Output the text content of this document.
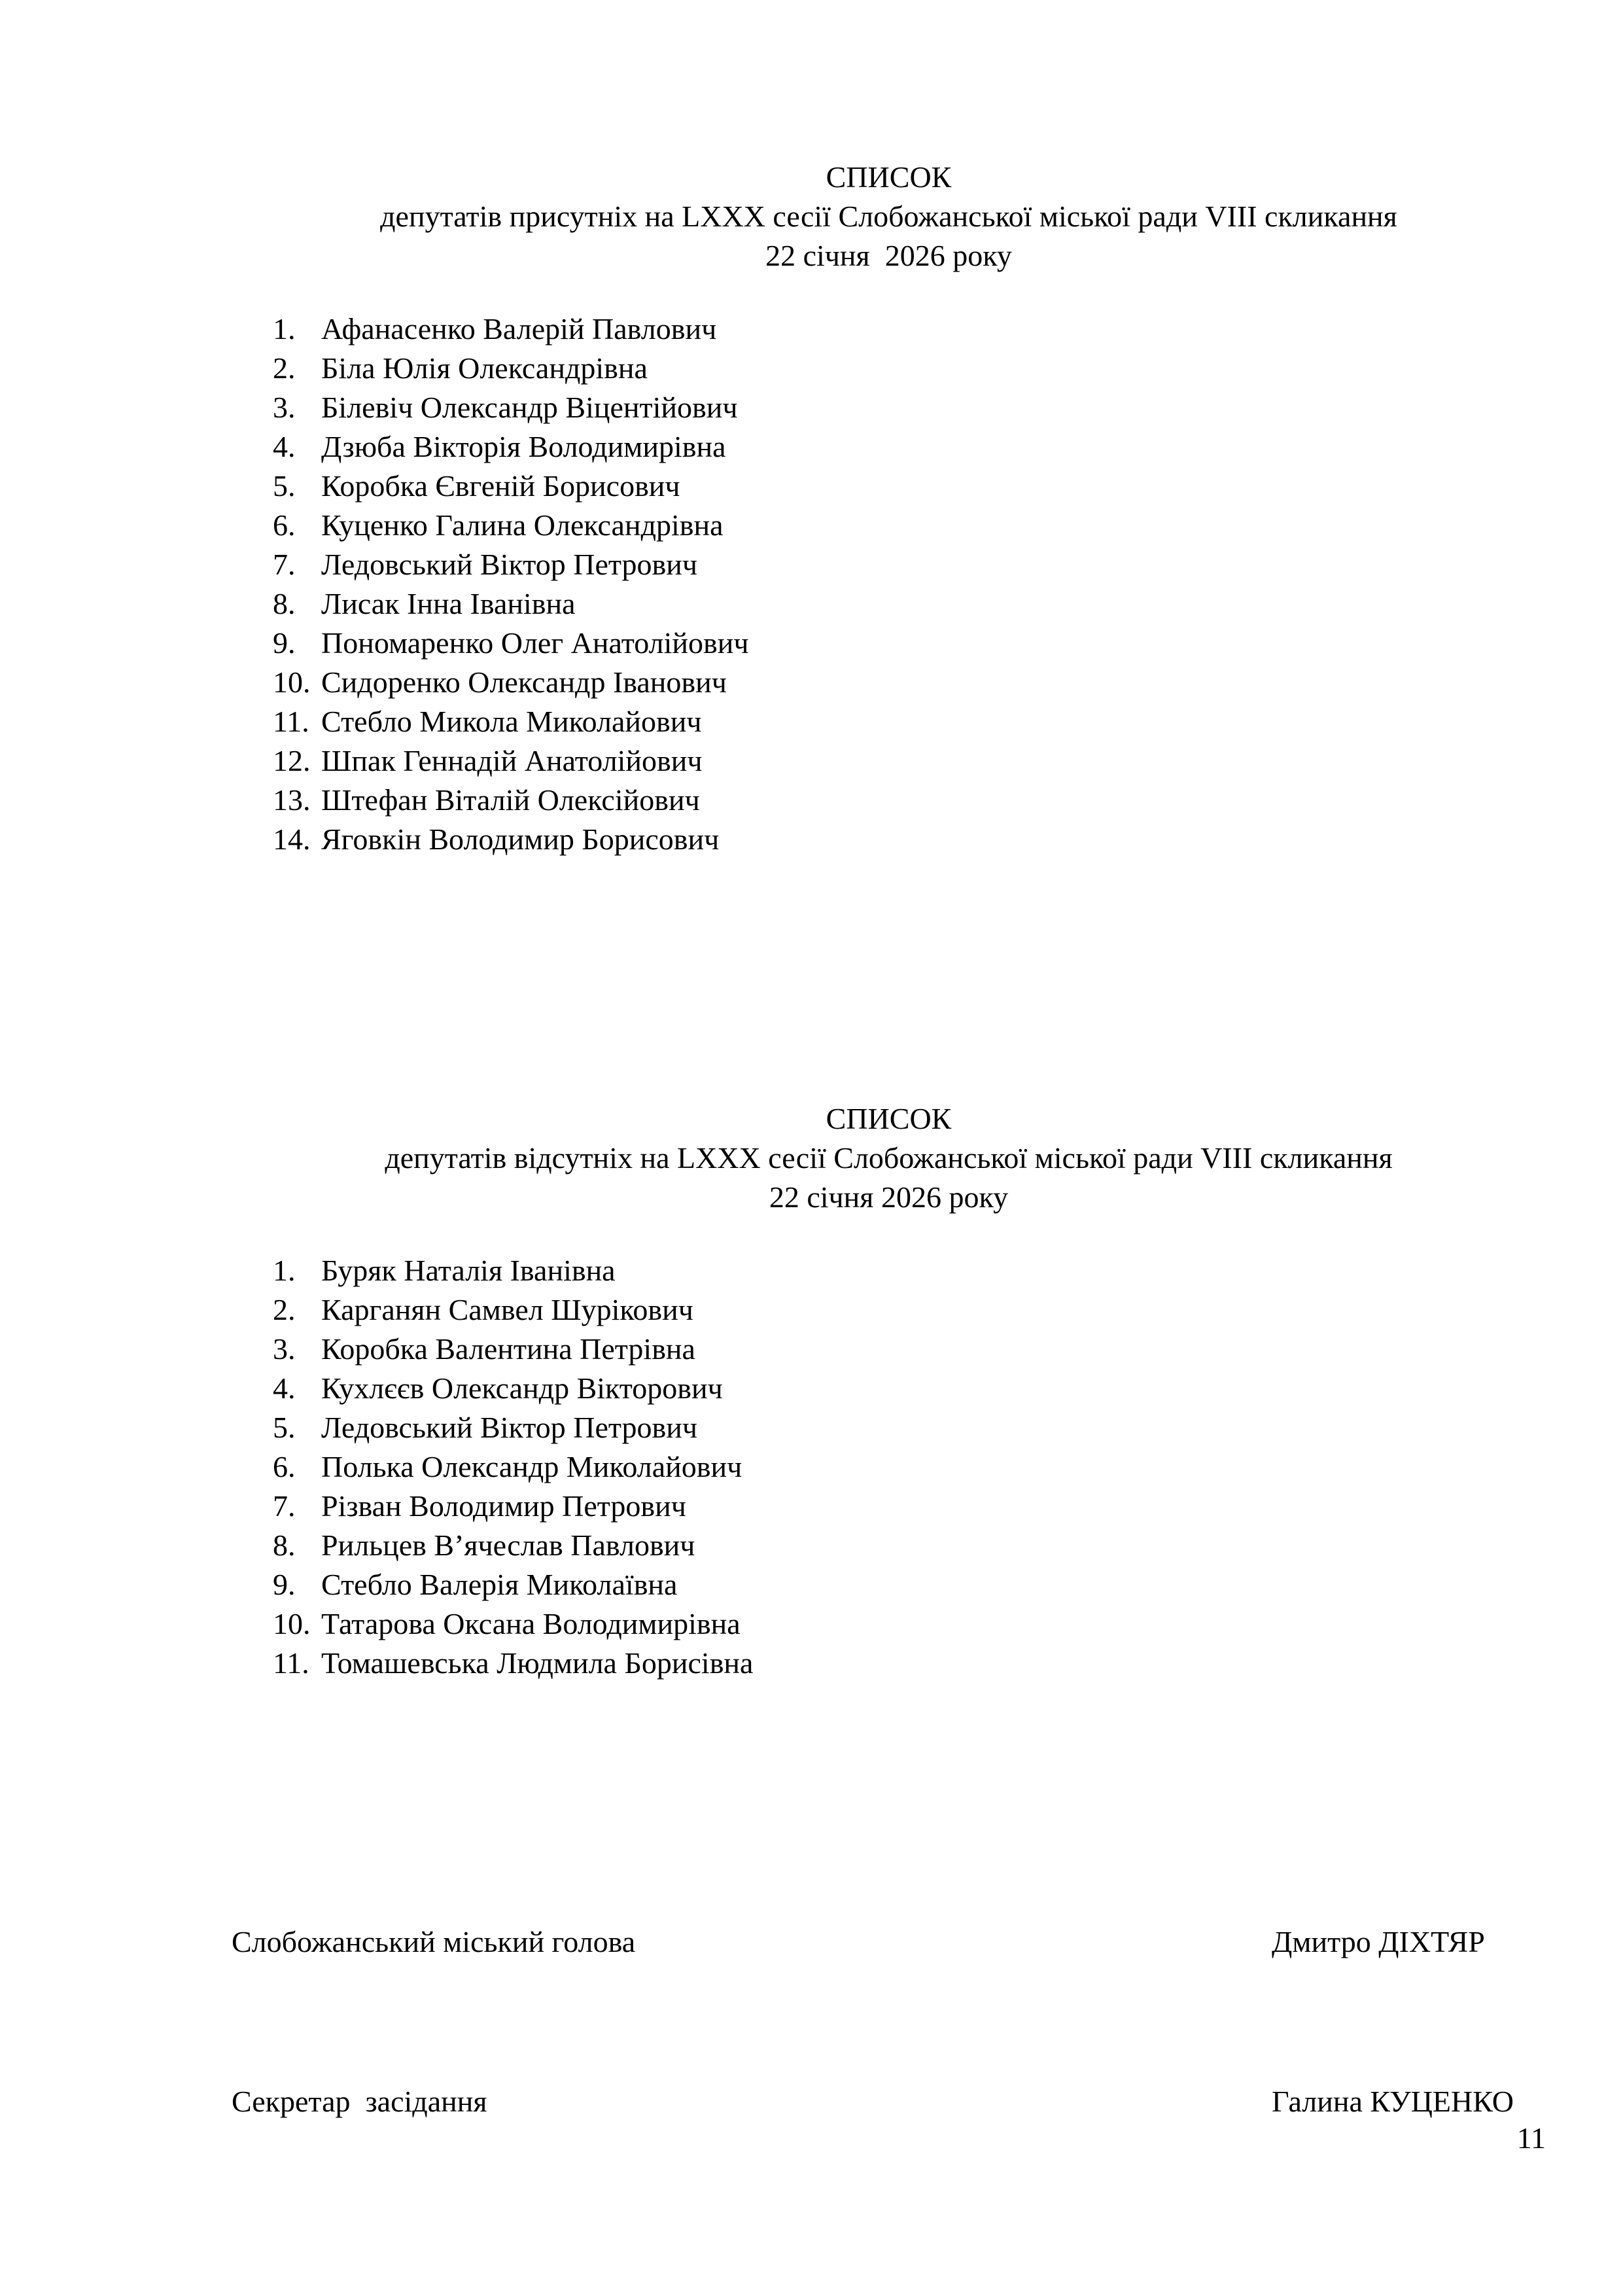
СПИСОК
депутатів присутніх на LXXX сесії Слобожанської міської ради VIII скликання
22 січня  2026 року
1. Афанасенко Валерій Павлович
2. Біла Юлія Олександрівна
3. Білевіч Олександр Віцентійович
4. Дзюба Вікторія Володимирівна
5. Коробка Євгеній Борисович
6. Куценко Галина Олександрівна
7. Ледовський Віктор Петрович
8. Лисак Інна Іванівна
9. Пономаренко Олег Анатолійович
10. Сидоренко Олександр Іванович
11. Стебло Микола Миколайович
12. Шпак Геннадій Анатолійович
13. Штефан Віталій Олексійович
14. Яговкін Володимир Борисович
СПИСОК
депутатів відсутніх на LXXX сесії Слобожанської міської ради VIII скликання
22 січня 2026 року
1. Буряк Наталія Іванівна
2. Карганян Самвел Шурікович
3. Коробка Валентина Петрівна
4. Кухлєєв Олександр Вікторович
5. Ледовський Віктор Петрович
6. Полька Олександр Миколайович
7. Різван Володимир Петрович
8. Рильцев В’ячеслав Павлович
9. Стебло Валерія Миколаївна
10. Татарова Оксана Володимирівна
11. Томашевська Людмила Борисівна
Слобожанський міський голова	Дмитро ДІХТЯР
Секретар  засідання	Галина КУЦЕНКО
11
